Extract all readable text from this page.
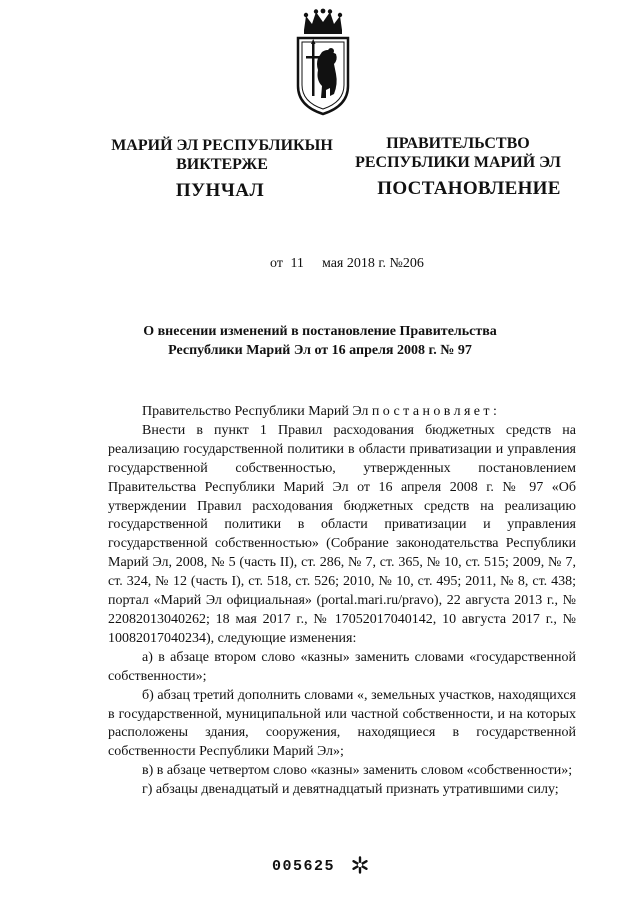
МАРИЙ ЭЛ РЕСПУБЛИКЫН
ВИКТЕРЖЕ
ПРАВИТЕЛЬСТВО
РЕСПУБЛИКИ МАРИЙ ЭЛ
ПУНЧАЛ	ПОСТАНОВЛЕНИЕ
от 11 мая 2018 г. №206
О внесении изменений в постановление Правительства
Республики Марий Эл от 16 апреля 2008 г. № 97

Правительство Республики Марий Эл постановляет:

Внести в пункт 1 Правил расходования бюджетных средств на реализацию государственной политики в области приватизации и управления государственной собственностью, утвержденных постановлением Правительства Республики Марий Эл от 16 апреля 2008 г. № 97 «Об утверждении Правил расходования бюджетных средств на реализацию государственной политики в области приватизации и управления государственной собственностью» (Собрание законодательства Республики Марий Эл, 2008, № 5 (часть II), ст. 286, № 7, ст. 365, № 10, ст. 515; 2009, № 7, ст. 324, № 12 (часть I), ст. 518, ст. 526; 2010, № 10, ст. 495; 2011, № 8, ст. 438; портал «Марий Эл официальная» (portal.mari.ru/pravo), 22 августа 2013 г., № 22082013040262; 18 мая 2017 г., № 17052017040142, 10 августа 2017 г., № 10082017040234), следующие изменения:

а) в абзаце втором слово «казны» заменить словами «государственной собственности»;

б) абзац третий дополнить словами «, земельных участков, находящихся в государственной, муниципальной или частной собственности, и на которых расположены здания, сооружения, находящиеся в государственной собственности Республики Марий Эл»;

в) в абзаце четвертом слово «казны» заменить словом «собственности»;

г) абзацы двенадцатый и девятнадцатый признать утратившими силу;

005625
